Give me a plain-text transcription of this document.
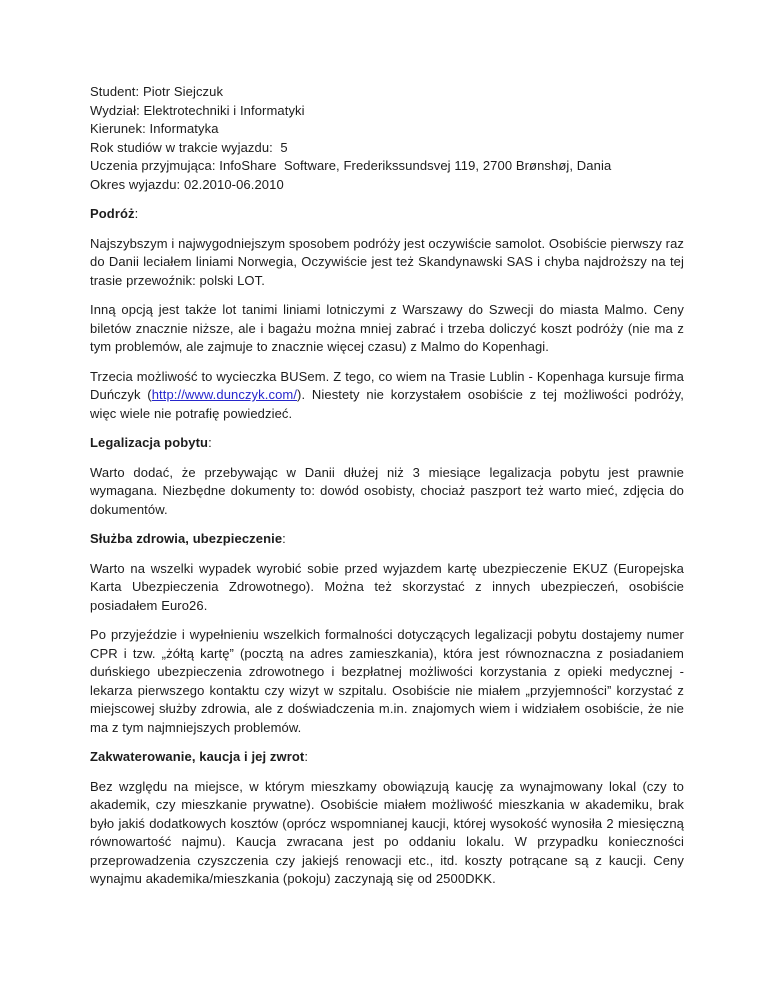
Student: Piotr Siejczuk

Wydział: Elektrotechniki i Informatyki

Kierunek: Informatyka

Rok studiów w trakcie wyjazdu:  5

Uczenia przyjmująca: InfoShare  Software, Frederikssundsvej 119, 2700 Brønshøj, Dania

Okres wyjazdu: 02.2010-06.2010

Podróż:

Najszybszym i najwygodniejszym sposobem podróży jest oczywiście samolot. Osobiście pierwszy raz do Danii leciałem liniami Norwegia, Oczywiście jest też Skandynawski SAS i chyba najdroższy na tej trasie przewoźnik: polski LOT.

Inną opcją jest także lot tanimi liniami lotniczymi z Warszawy do Szwecji do miasta Malmo. Ceny biletów znacznie niższe, ale i bagażu można mniej zabrać i trzeba doliczyć koszt podróży (nie ma z tym problemów, ale zajmuje to znacznie więcej czasu) z Malmo do Kopenhagi.

Trzecia możliwość to wycieczka BUSem. Z tego, co wiem na Trasie Lublin - Kopenhaga kursuje firma Duńczyk (http://www.dunczyk.com/). Niestety nie korzystałem osobiście z tej możliwości podróży, więc wiele nie potrafię powiedzieć.

Legalizacja pobytu:

Warto dodać, że przebywając w Danii dłużej niż 3 miesiące legalizacja pobytu jest prawnie wymagana. Niezbędne dokumenty to: dowód osobisty, chociaż paszport też warto mieć, zdjęcia do dokumentów.

Służba zdrowia, ubezpieczenie:

Warto na wszelki wypadek wyrobić sobie przed wyjazdem kartę ubezpieczenie EKUZ (Europejska Karta Ubezpieczenia Zdrowotnego). Można też skorzystać z innych ubezpieczeń, osobiście posiadałem Euro26.

Po przyjeździe i wypełnieniu wszelkich formalności dotyczących legalizacji pobytu dostajemy numer CPR i tzw. „żółtą kartę” (pocztą na adres zamieszkania), która jest równoznaczna z posiadaniem duńskiego ubezpieczenia zdrowotnego i bezpłatnej możliwości korzystania z opieki medycznej - lekarza pierwszego kontaktu czy wizyt w szpitalu. Osobiście nie miałem „przyjemności” korzystać z miejscowej służby zdrowia, ale z doświadczenia m.in. znajomych wiem i widziałem osobiście, że nie ma z tym najmniejszych problemów.

Zakwaterowanie, kaucja i jej zwrot:

Bez względu na miejsce, w którym mieszkamy obowiązują kaucję za wynajmowany lokal (czy to akademik, czy mieszkanie prywatne). Osobiście miałem możliwość mieszkania w akademiku, brak było jakiś dodatkowych kosztów (oprócz wspomnianej kaucji, której wysokość wynosiła 2 miesięczną równowartość najmu). Kaucja zwracana jest po oddaniu lokalu. W przypadku konieczności przeprowadzenia czyszczenia czy jakiejś renowacji etc., itd. koszty potrącane są z kaucji. Ceny wynajmu akademika/mieszkania (pokoju) zaczynają się od 2500DKK.
